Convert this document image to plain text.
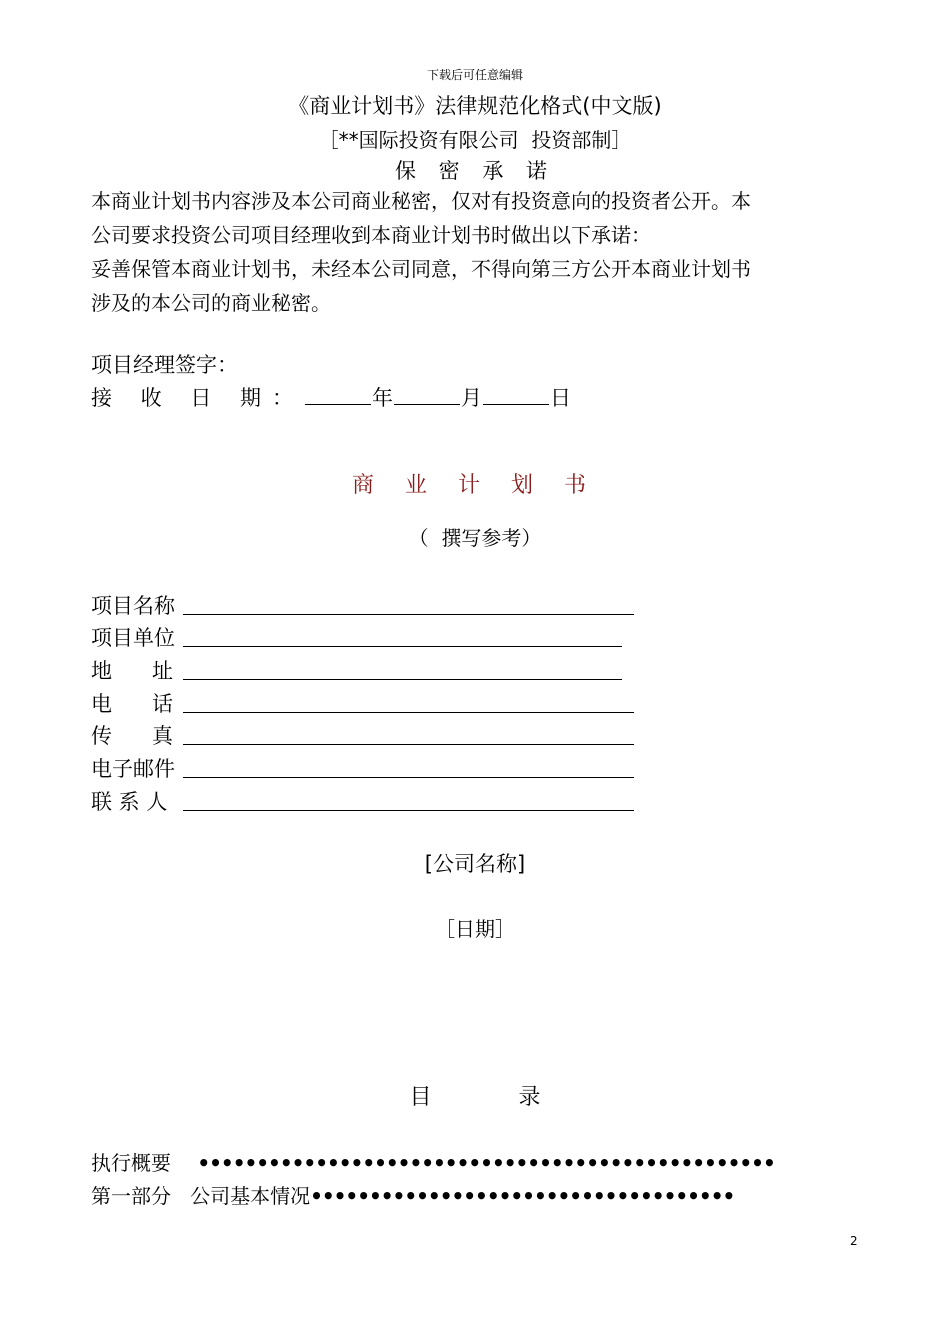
下载后可任意编辑
《商业计划书》法律规范化格式(中文版)
［**国际投资有限公司  投资部制］
保 密 承 诺
本商业计划书内容涉及本公司商业秘密，仅对有投资意向的投资者公开。本
公司要求投资公司项目经理收到本商业计划书时做出以下承诺：
妥善保管本商业计划书，未经本公司同意，不得向第三方公开本商业计划书
涉及的本公司的商业秘密。
项目经理签字：
接 收 日 期：	年	月	日
商 业 计 划 书
（  撰写参考）
项目名称
项目单位
地      址
电      话
传      真
电子邮件
联 系 人
[公司名称]
［日期］
目 录
执行概要 •••••••••••••••••••••••••••••••••••••••••••••••••
第一部分   公司基本情况••••••••••••••••••••••••••••••••••••
2
